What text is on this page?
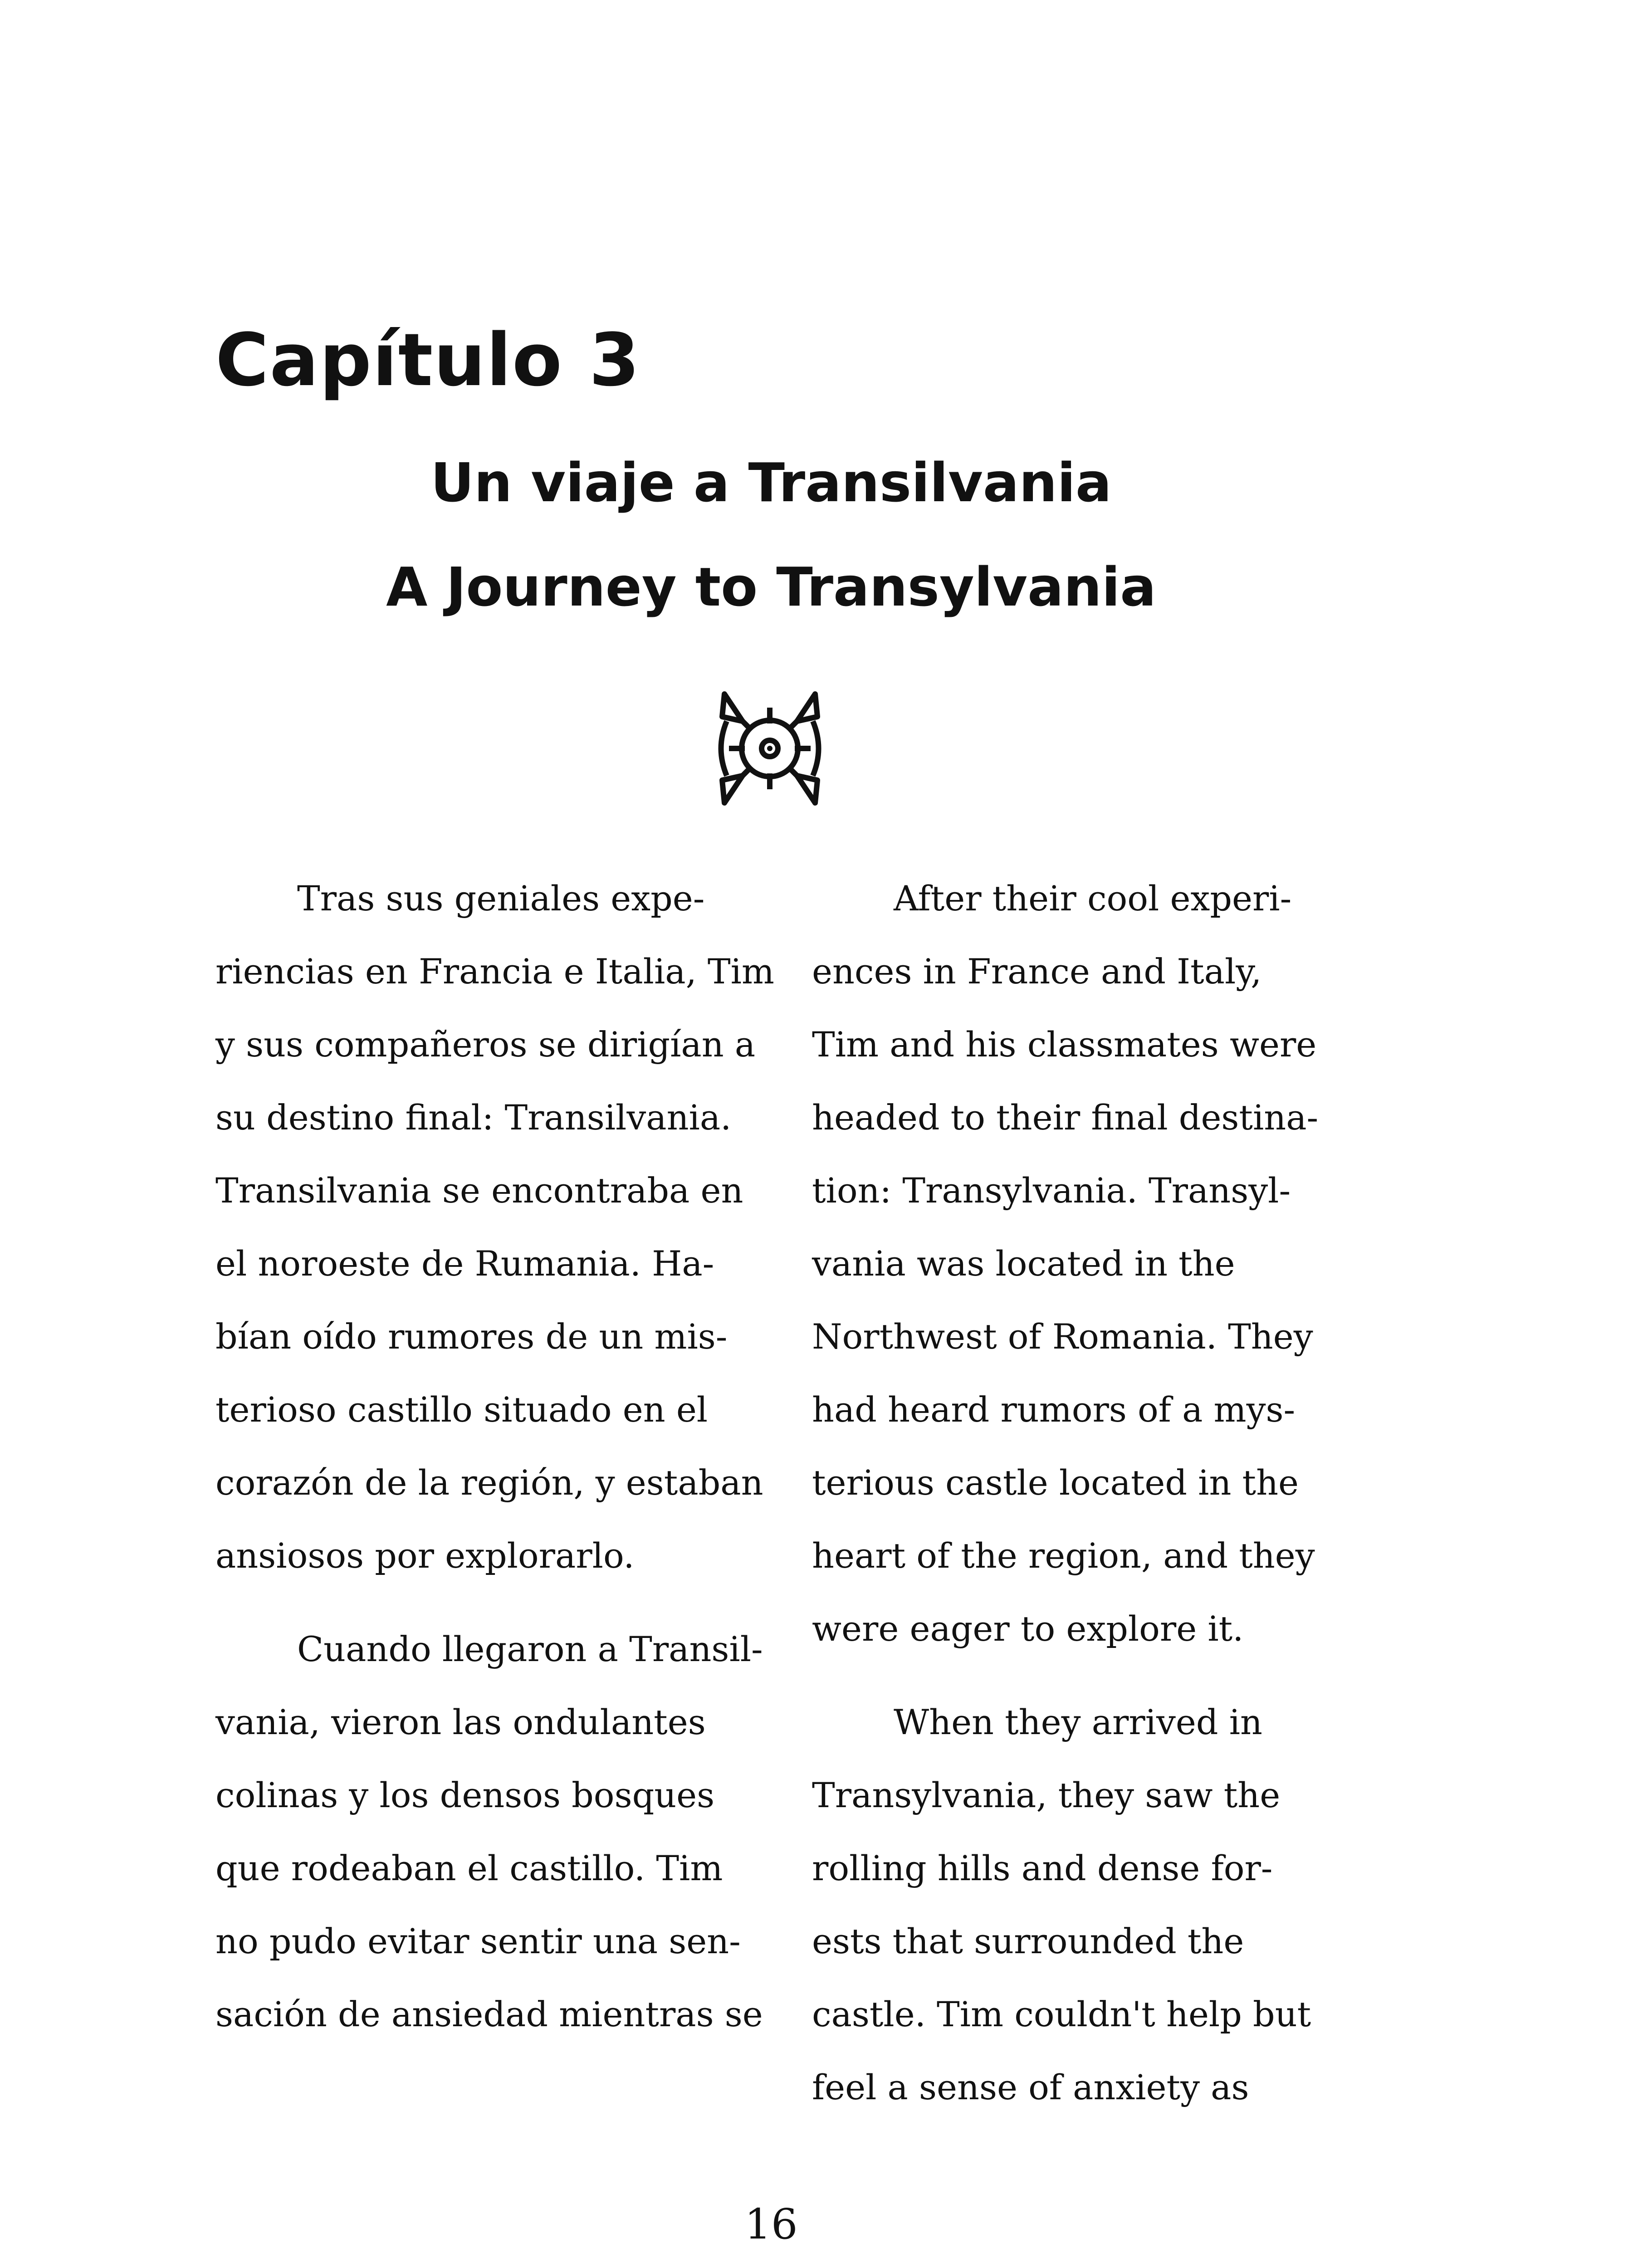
Capítulo 3
Un viaje a Transilvania
A Journey to Transylvania
Tras sus geniales expe-
riencias en Francia e Italia, Tim
y sus compañeros se dirigían a
su destino final: Transilvania.
Transilvania se encontraba en
el noroeste de Rumania. Ha-
bían oído rumores de un mis-
terioso castillo situado en el
corazón de la región, y estaban
ansiosos por explorarlo.
Cuando llegaron a Transil-
vania, vieron las ondulantes
colinas y los densos bosques
que rodeaban el castillo. Tim
no pudo evitar sentir una sen-
sación de ansiedad mientras se
After their cool experi-
ences in France and Italy,
Tim and his classmates were
headed to their final destina-
tion: Transylvania. Transyl-
vania was located in the
Northwest of Romania. They
had heard rumors of a mys-
terious castle located in the
heart of the region, and they
were eager to explore it.
When they arrived in
Transylvania, they saw the
rolling hills and dense for-
ests that surrounded the
castle. Tim couldn't help but
feel a sense of anxiety as
16
